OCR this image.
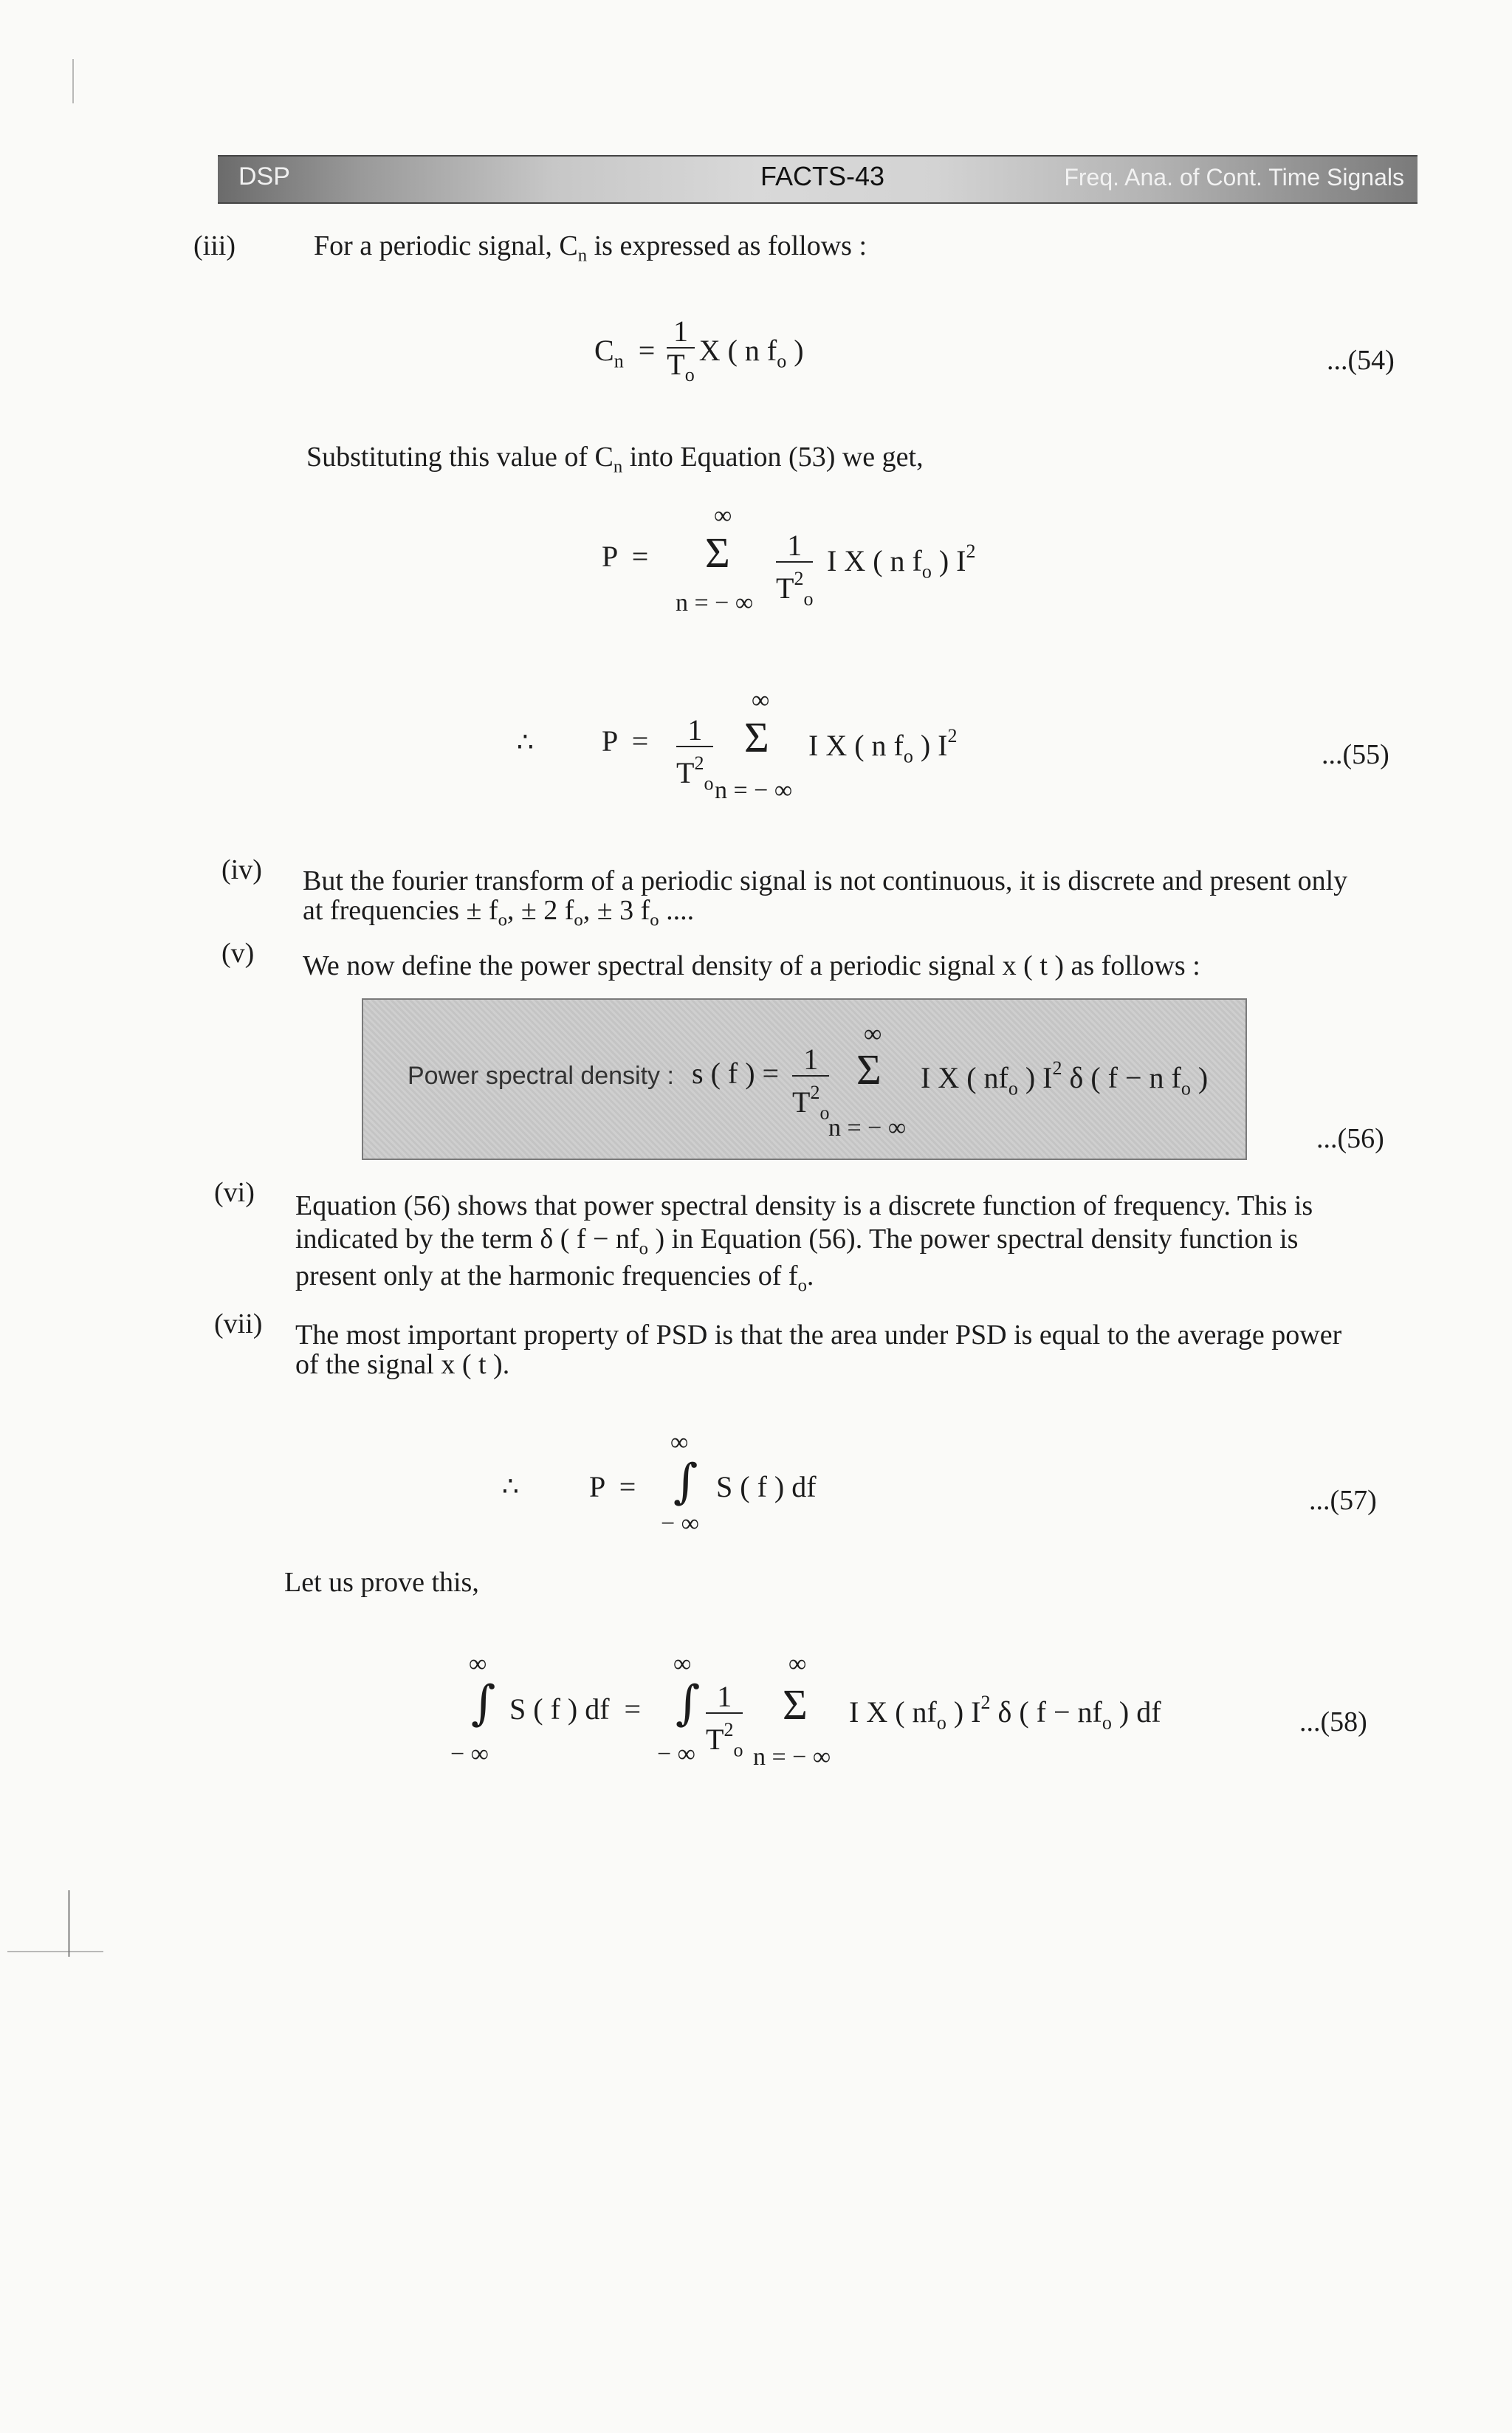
DSP	FACTS-43	Freq. Ana. of Cont. Time Signals
(iii)	For a periodic signal, $C_n$ is expressed as follows :
$C_n = \frac{1}{T_o}$ X ( n $f_o$ )	...(54)
Substituting this value of $C_n$ into Equation (53) we get,
∞
P  = Σ $\frac{1}{T^2_o}$ I X ( n $f_o$ ) $I^2$
n = − ∞
∴ $P = \frac{1}{T^2_o}$
∞
Σ I X ( n $f_o$ ) $I^2$
n = − ∞
...(55)
(iv) But the fourier transform of a periodic signal is not continuous, it is discrete and present only
at frequencies ± $f_o$, ± 2 $f_o$, ± 3 $f_o$ ....
(v) We now define the power spectral density of a periodic signal x ( t ) as follows :
Power spectral density : s ( f ) = $\frac{1}{T^2_o}$
∞
Σ I X ( $nf_o$ ) $I^2$ δ ( f − n $f_o$ )
n = − ∞	...(56)
(vi) Equation (56) shows that power spectral density is a discrete function of frequency. This is
indicated by the term δ ( $f - nf_o$ ) in Equation (56). The power spectral density function is
present only at the harmonic frequencies of $f_o$.
(vii) The most important property of PSD is that the area under PSD is equal to the average power
of the signal x ( t ).
∴ P  =
∞
∫ S ( f ) df
− ∞
...(57)
Let us prove this,
∞
∫ S ( f ) df  =
∞
∫ $\frac{1}{T^2_o}$
∞
Σ I X ( $nf_o$ ) $I^2$ δ ( $f - nf_o$ ) df
− ∞	− ∞ n = − ∞
...(58)
